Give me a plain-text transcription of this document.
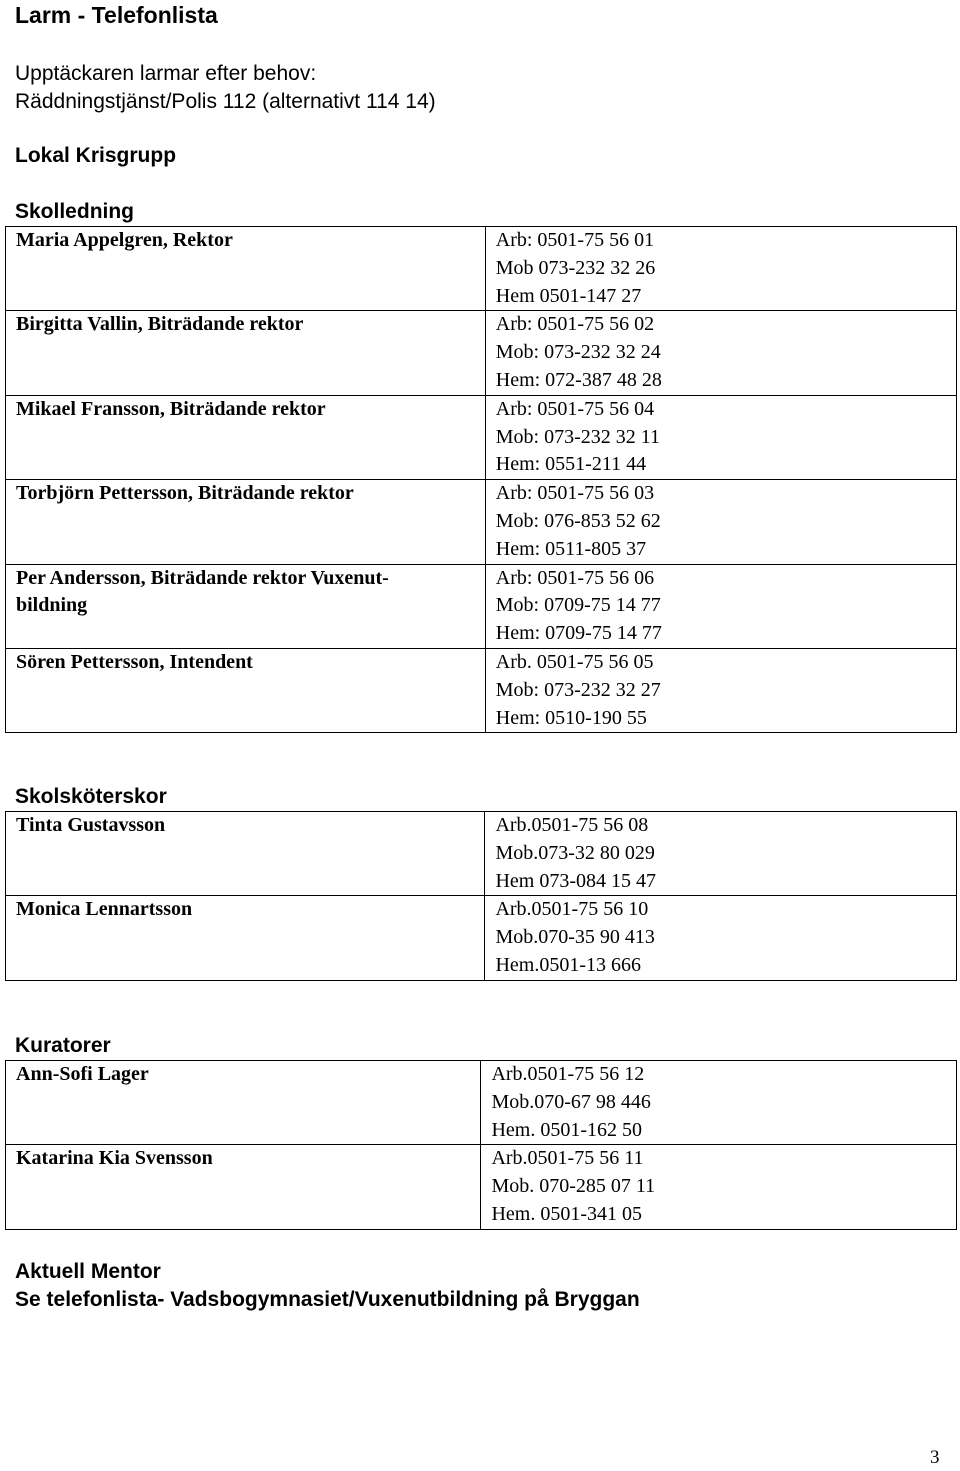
Larm - Telefonlista
Upptäckaren larmar efter behov:
Räddningstjänst/Polis 112 (alternativt 114 14)
Lokal Krisgrupp
Skolledning
Maria Appelgren, Rektor	Arb: 0501-75 56 01
Mob 073-232 32 26
Hem 0501-147 27

Birgitta Vallin, Biträdande rektor	Arb: 0501-75 56 02
Mob: 073-232 32 24
Hem: 072-387 48 28

Mikael Fransson, Biträdande rektor	Arb: 0501-75 56 04
Mob: 073-232 32 11
Hem: 0551-211 44

Torbjörn Pettersson, Biträdande rektor	Arb: 0501-75 56 03
Mob: 076-853 52 62
Hem: 0511-805 37

Per Andersson, Biträdande rektor Vuxenut-
bildning	Arb: 0501-75 56 06
Mob: 0709-75 14 77
Hem: 0709-75 14 77

Sören Pettersson, Intendent	Arb. 0501-75 56 05
Mob: 073-232 32 27
Hem: 0510-190 55
Skolsköterskor
Tinta Gustavsson	Arb.0501-75 56 08
Mob.073-32 80 029
Hem 073-084 15 47

Monica Lennartsson	Arb.0501-75 56 10
Mob.070-35 90 413
Hem.0501-13 666
Kuratorer
Ann-Sofi Lager	Arb.0501-75 56 12
Mob.070-67 98 446
Hem. 0501-162 50

Katarina Kia Svensson	Arb.0501-75 56 11
Mob. 070-285 07 11
Hem. 0501-341 05
Aktuell Mentor
Se telefonlista- Vadsbogymnasiet/Vuxenutbildning på Bryggan
3
